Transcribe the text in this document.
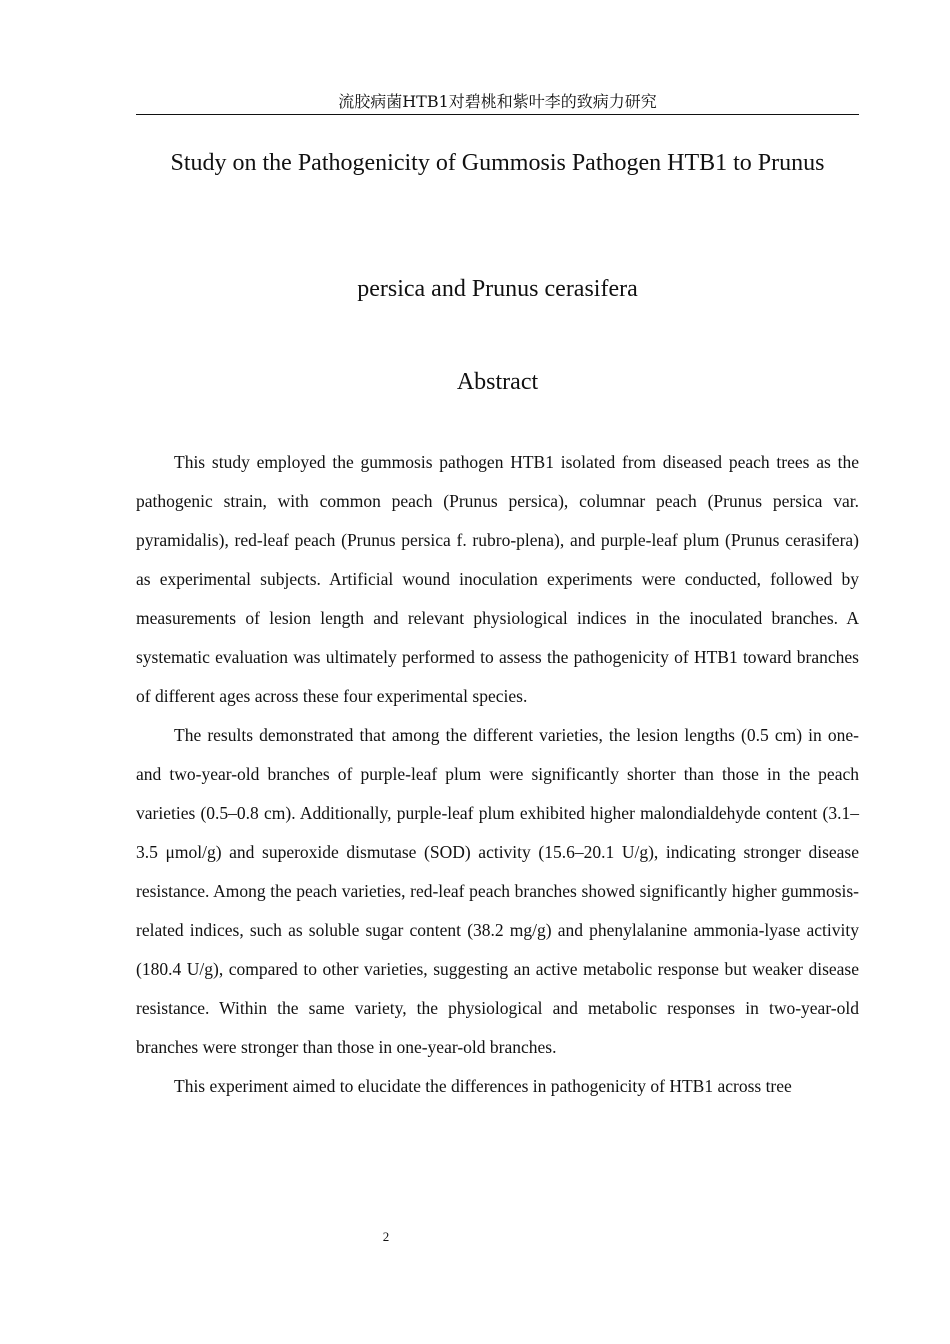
流胶病菌HTB1对碧桃和紫叶李的致病力研究
Study on the Pathogenicity of Gummosis Pathogen HTB1 to Prunus
persica and Prunus cerasifera
Abstract

This study employed the gummosis pathogen HTB1 isolated from diseased peach trees as the pathogenic strain, with common peach (Prunus persica), columnar peach (Prunus persica var. pyramidalis), red-leaf peach (Prunus persica f. rubro-plena), and purple-leaf plum (Prunus cerasifera) as experimental subjects. Artificial wound inoculation experiments were conducted, followed by measurements of lesion length and relevant physiological indices in the inoculated branches. A systematic evaluation was ultimately performed to assess the pathogenicity of HTB1 toward branches of different ages across these four experimental species.

The results demonstrated that among the different varieties, the lesion lengths (0.5 cm) in one- and two-year-old branches of purple-leaf plum were significantly shorter than those in the peach varieties (0.5–0.8 cm). Additionally, purple-leaf plum exhibited higher malondialdehyde content (3.1–3.5 μmol/g) and superoxide dismutase (SOD) activity (15.6–20.1 U/g), indicating stronger disease resistance. Among the peach varieties, red-leaf peach branches showed significantly higher gummosis-related indices, such as soluble sugar content (38.2 mg/g) and phenylalanine ammonia-lyase activity (180.4 U/g), compared to other varieties, suggesting an active metabolic response but weaker disease resistance. Within the same variety, the physiological and metabolic responses in two-year-old branches were stronger than those in one-year-old branches.

This experiment aimed to elucidate the differences in pathogenicity of HTB1 across tree

2
